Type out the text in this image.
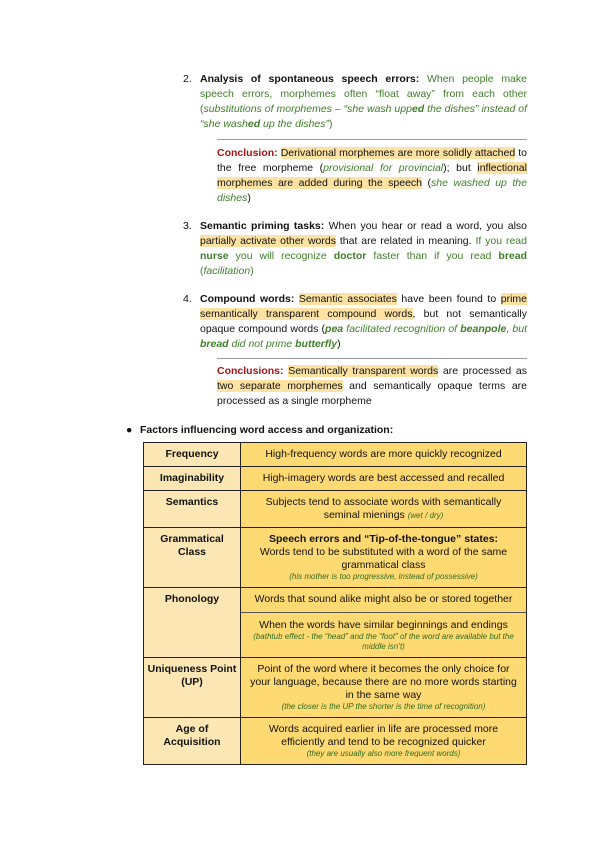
2. Analysis of spontaneous speech errors: When people make speech errors, morphemes often “float away” from each other (substitutions of morphemes – “she wash upped the dishes” instead of “she washed up the dishes”)
Conclusion: Derivational morphemes are more solidly attached to the free morpheme (provisional for provincial); but inflectional morphemes are added during the speech (she washed up the dishes)
3. Semantic priming tasks: When you hear or read a word, you also partially activate other words that are related in meaning. If you read nurse you will recognize doctor faster than if you read bread (facilitation)
4. Compound words: Semantic associates have been found to prime semantically transparent compound words, but not semantically opaque compound words (pea facilitated recognition of beanpole, but bread did not prime butterfly)
Conclusions: Semantically transparent words are processed as two separate morphemes and semantically opaque terms are processed as a single morpheme
● Factors influencing word access and organization:
Frequency	High-frequency words are more quickly recognized
Imaginability	High-imagery words are best accessed and recalled
Semantics	Subjects tend to associate words with semantically seminal mienings (wet / dry)
Grammatical Class	Speech errors and “Tip-of-the-tongue” states:
Words tend to be substituted with a word of the same grammatical class
(his mother is too progressive, instead of possessive)

Phonology	Words that sound alike might also be or stored together
When the words have similar beginnings and endings
(bathtub effect - the “head” and the “foot” of the word are available but the middle isn’t)

Uniqueness Point (UP)	Point of the word where it becomes the only choice for your language, because there are no more words starting in the same way
(the closer is the UP the shorter is the time of recognition)

Age of Acquisition	Words acquired earlier in life are processed more efficiently and tend to be recognized quicker
(they are usually also more frequent words)
